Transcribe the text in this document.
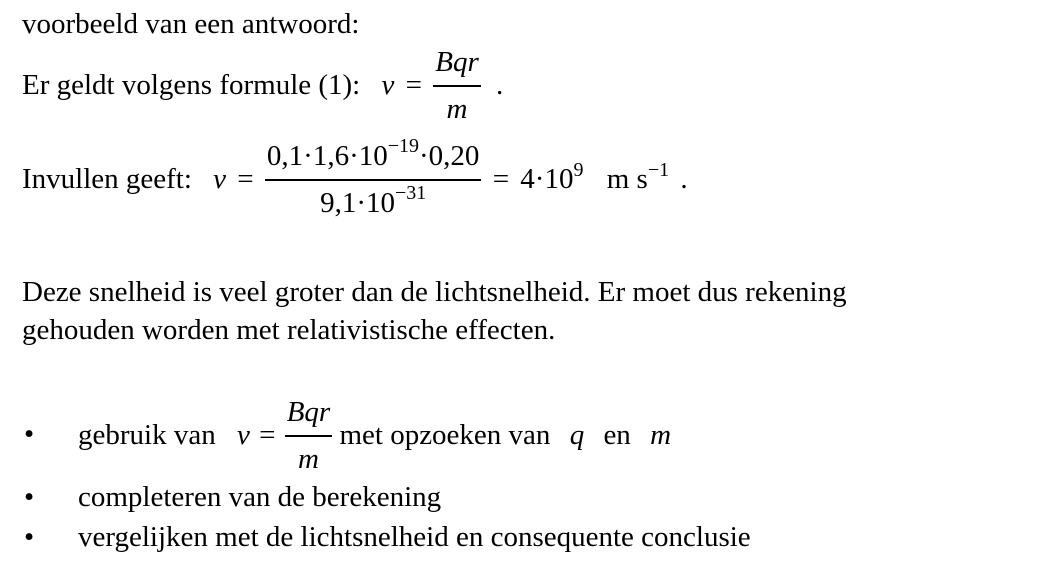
voorbeeld van een antwoord:
Er geldt volgens formule (1): $v = \frac{\text{Bqr}}{m}$ .
Invullen geeft: $v = \frac{0,1\cdot 1,6\cdot 10^{-19}\cdot 0,20}{9,1\cdot 10^{-31}} = 4\cdot 10^9$ m $s^{-1}$ .
Deze snelheid is veel groter dan de lichtsnelheid. Er moet dus rekening
gehouden worden met relativistische effecten.
• gebruik van $v = \frac{\text{Bqr}}{m}$ met opzoeken van q en m
• completeren van de berekening
• vergelijken met de lichtsnelheid en consequente conclusie
